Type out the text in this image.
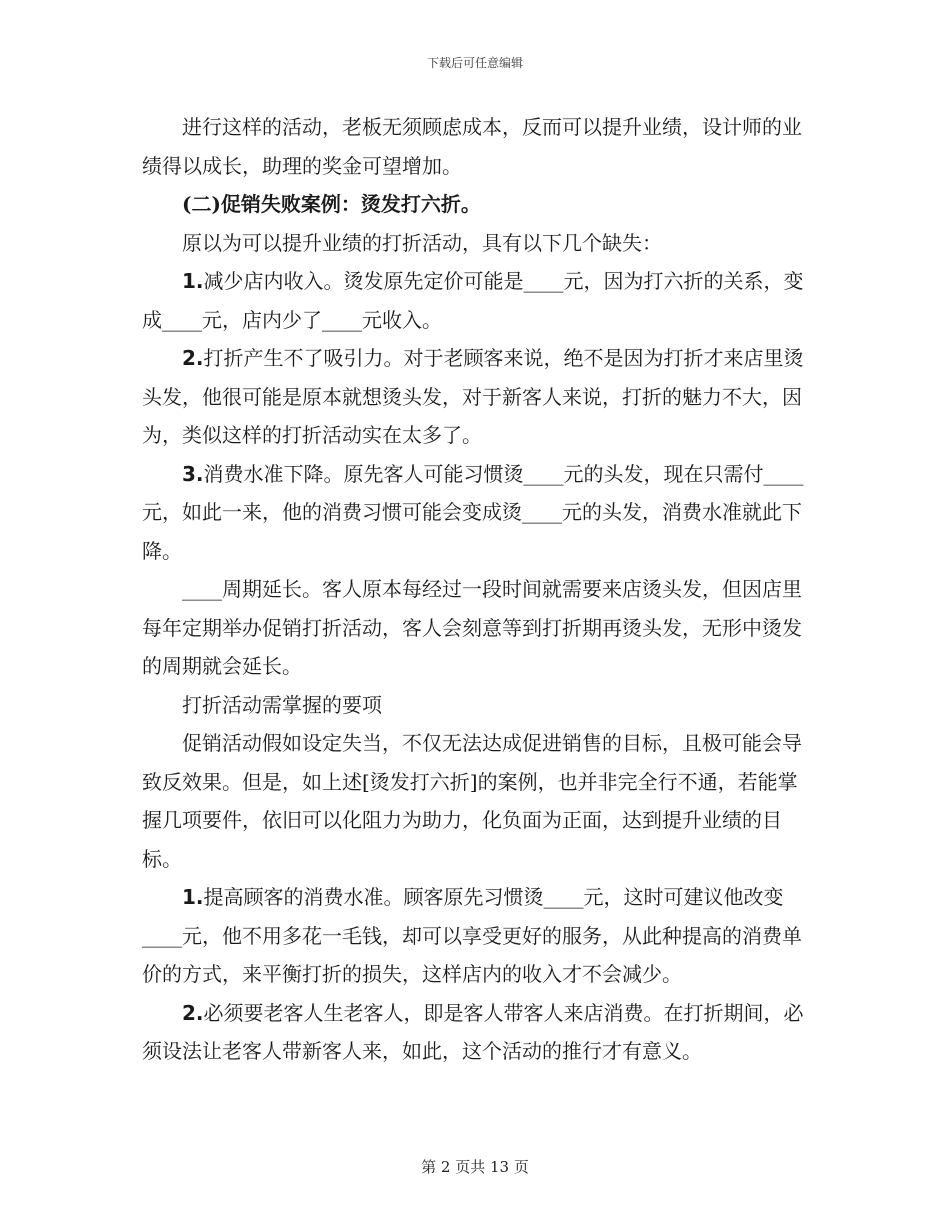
下载后可任意编辑

进行这样的活动，老板无须顾虑成本，反而可以提升业绩，设计师的业绩得以成长，助理的奖金可望增加。

(二)促销失败案例：烫发打六折。

原以为可以提升业绩的打折活动，具有以下几个缺失：

1.减少店内收入。烫发原先定价可能是____元，因为打六折的关系，变成____元，店内少了____元收入。

2.打折产生不了吸引力。对于老顾客来说，绝不是因为打折才来店里烫头发，他很可能是原本就想烫头发，对于新客人来说，打折的魅力不大，因为，类似这样的打折活动实在太多了。

3.消费水准下降。原先客人可能习惯烫____元的头发，现在只需付____元，如此一来，他的消费习惯可能会变成烫____元的头发，消费水准就此下降。

____周期延长。客人原本每经过一段时间就需要来店烫头发，但因店里每年定期举办促销打折活动，客人会刻意等到打折期再烫头发，无形中烫发的周期就会延长。

打折活动需掌握的要项

促销活动假如设定失当，不仅无法达成促进销售的目标，且极可能会导致反效果。但是，如上述[烫发打六折]的案例，也并非完全行不通，若能掌握几项要件，依旧可以化阻力为助力，化负面为正面，达到提升业绩的目标。

1.提高顾客的消费水准。顾客原先习惯烫____元，这时可建议他改变____元，他不用多花一毛钱，却可以享受更好的服务，从此种提高的消费单价的方式，来平衡打折的损失，这样店内的收入才不会减少。

2.必须要老客人生老客人，即是客人带客人来店消费。在打折期间，必须设法让老客人带新客人来，如此，这个活动的推行才有意义。

第 2 页共 13 页
